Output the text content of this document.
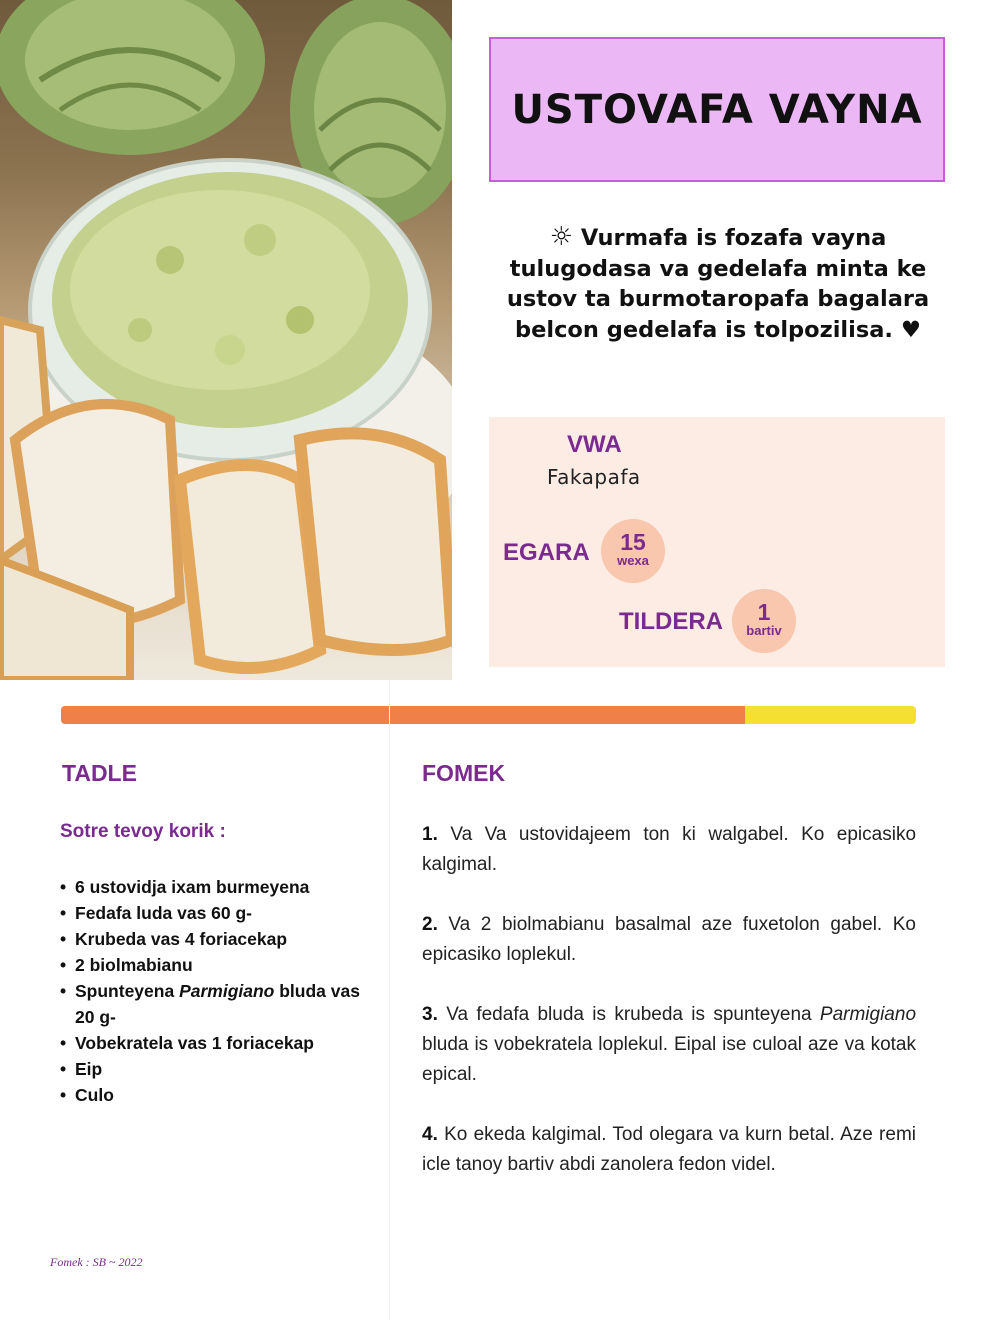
USTOVAFA VAYNA
☼ Vurmafa is fozafa vayna tulugodasa va gedelafa minta ke ustov ta burmotaropafa bagalara belcon gedelafa is tolpozilisa. ♥
VWA
Fakapafa
EGARA	15
wexa
TILDERA	1
bartiv
TADLE
Sotre tevoy korik :
• 6 ustovidja ixam burmeyena
• Fedafa luda vas 60 g-
• Krubeda vas 4 foriacekap
• 2 biolmabianu
• Spunteyena Parmigiano bluda vas 20 g-
• Vobekratela vas 1 foriacekap
• Eip
• Culo
FOMEK

1. Va Va ustovidajeem ton ki walgabel. Ko epicasiko kalgimal.

2. Va 2 biolmabianu basalmal aze fuxetolon gabel. Ko epicasiko loplekul.

3. Va fedafa bluda is krubeda is spunteyena Parmigiano bluda is vobekratela loplekul. Eipal ise culoal aze va kotak epical.

4. Ko ekeda kalgimal. Tod olegara va kurn betal. Aze remi icle tanoy bartiv abdi zanolera fedon videl.

Fomek : SB ~ 2022
